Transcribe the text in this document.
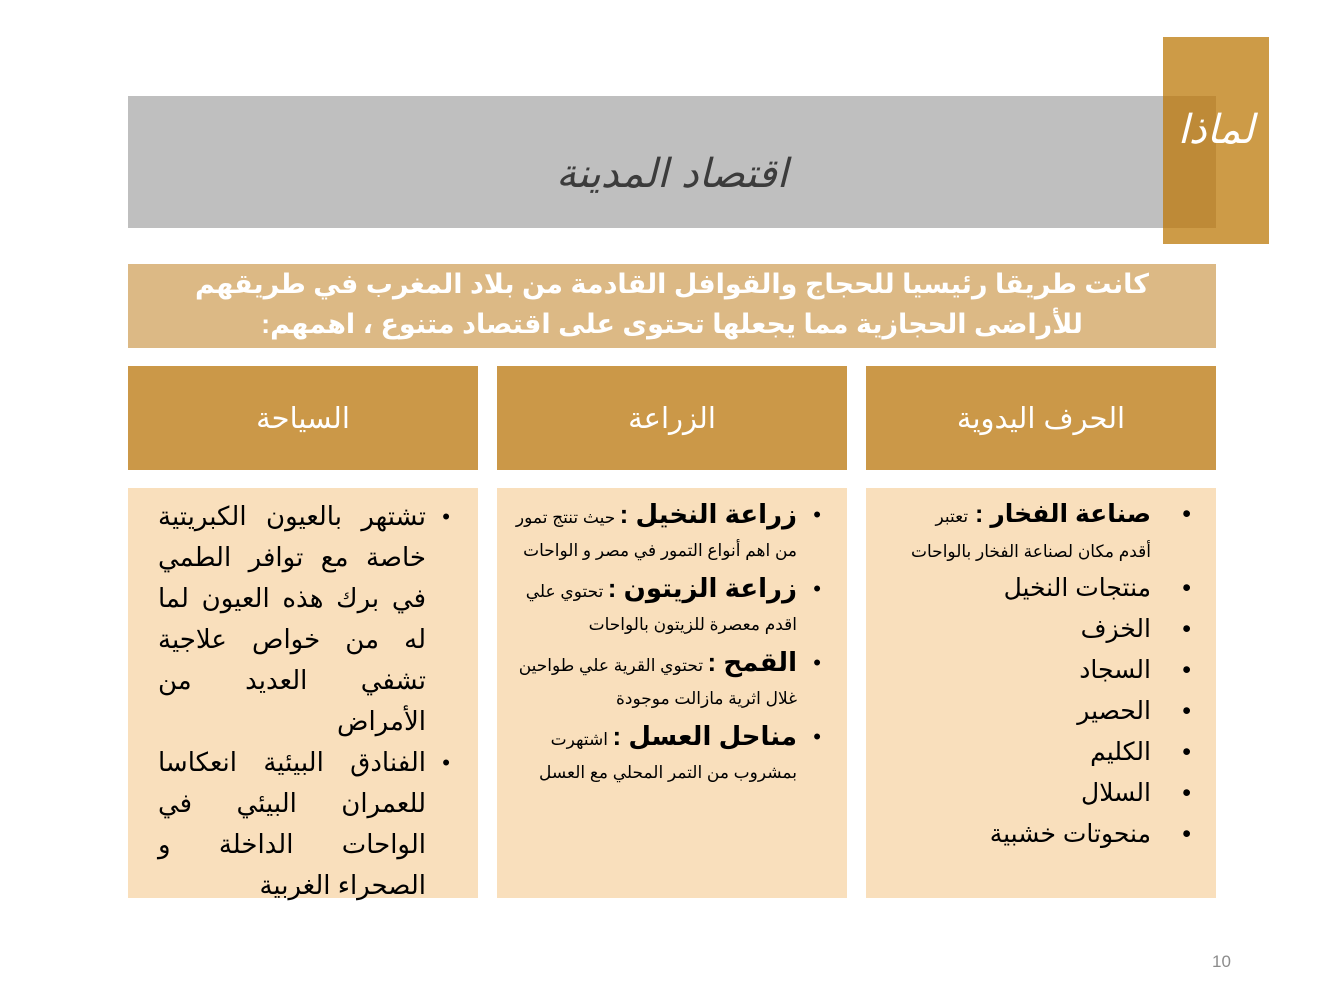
اقتصاد المدينة
لماذا
كانت طريقا رئيسيا للحجاج والقوافل القادمة من بلاد المغرب في طريقهم
للأراضى الحجازية مما يجعلها تحتوى على اقتصاد متنوع ، اهمهم:
الحرف اليدوية
الزراعة
السياحة
•
صناعة الفخار : تعتبر أقدم مكان لصناعة الفخار بالواحات
•
منتجات النخيل
•
الخزف
•
السجاد
•
الحصير
•
الكليم
•
السلال
•
منحوتات خشبية
•
زراعة النخيل : حيث تنتج تمور من اهم أنواع التمور في مصر و الواحات
•
زراعة الزيتون : تحتوي علي اقدم معصرة للزيتون بالواحات
•
القمح : تحتوي القرية علي طواحين غلال اثرية مازالت موجودة
•
مناحل العسل : اشتهرت بمشروب من التمر المحلي مع العسل
•
تشتهر بالعيون الكبريتية خاصة مع توافر الطمي في برك هذه العيون لما له من خواص علاجية تشفي العديد من الأمراض
•
الفنادق البيئية انعكاسا للعمران البيئي في الواحات الداخلة و الصحراء الغربية
10
